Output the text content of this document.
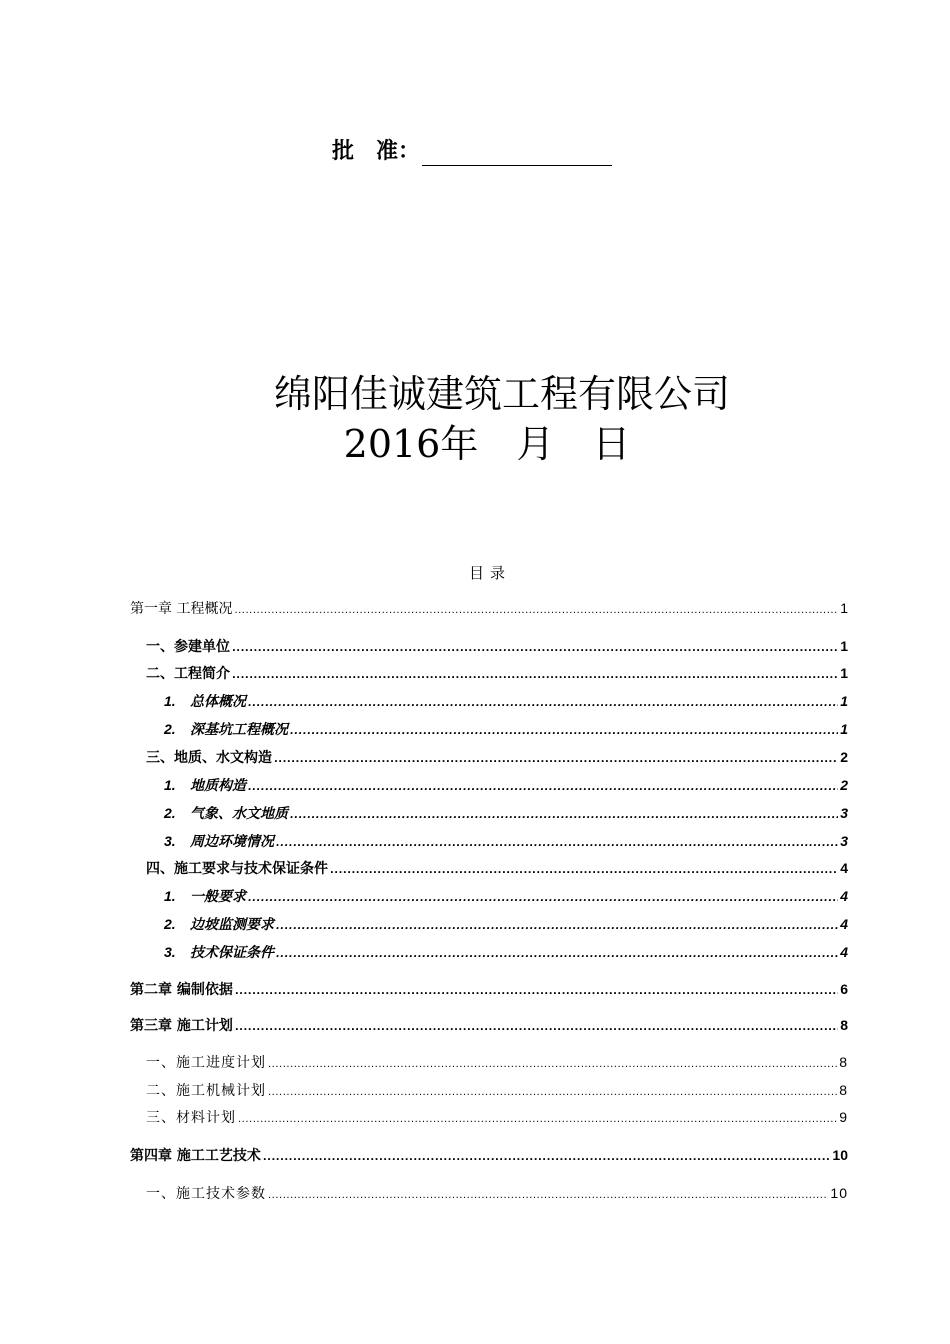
批　准：
绵阳佳诚建筑工程有限公司
2016年　月　日
目录
第一章 工程概况 .....	1
一、参建单位 .....	1
二、工程简介 .....	1
1. 总体概况 .....	1
2. 深基坑工程概况 .....	1
三、地质、水文构造 .....	2
1. 地质构造 .....	2
2. 气象、水文地质 .....	3
3. 周边环境情况 .....	3
四、施工要求与技术保证条件 .....	4
1. 一般要求 .....	4
2. 边坡监测要求 .....	4
3. 技术保证条件 .....	4
第二章 编制依据 .....	6
第三章 施工计划 .....	8
一、施工进度计划 .....	8
二、施工机械计划 .....	8
三、材料计划 .....	9
第四章 施工工艺技术 .....	10
一、施工技术参数 .....	10
